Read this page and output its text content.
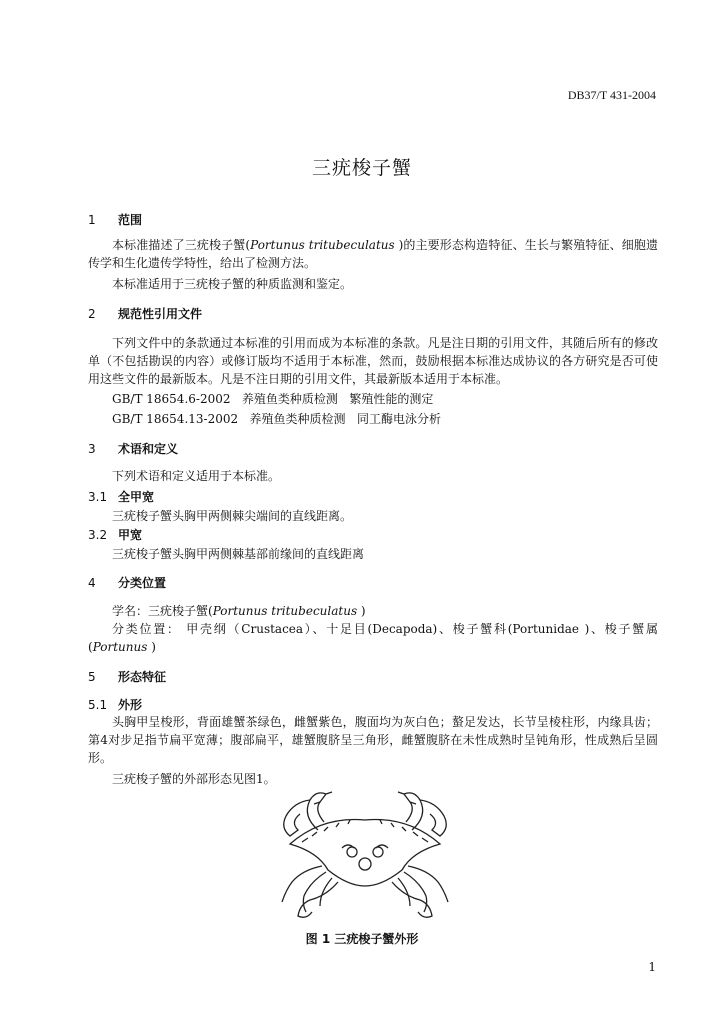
DB37/T 431-2004
三疣梭子蟹
1 范围
本标准描述了三疣梭子蟹(Portunus tritubeculatus )的主要形态构造特征、生长与繁殖特征、细胞遗传学和生化遗传学特性，给出了检测方法。
本标准适用于三疣梭子蟹的种质监测和鉴定。
2 规范性引用文件
下列文件中的条款通过本标准的引用而成为本标准的条款。凡是注日期的引用文件，其随后所有的修改单（不包括勘误的内容）或修订版均不适用于本标准，然而，鼓励根据本标准达成协议的各方研究是否可使用这些文件的最新版本。凡是不注日期的引用文件，其最新版本适用于本标准。
GB/T 18654.6-2002   养殖鱼类种质检测   繁殖性能的测定
GB/T 18654.13-2002   养殖鱼类种质检测   同工酶电泳分析
3 术语和定义
下列术语和定义适用于本标准。
3.1 全甲宽
三疣梭子蟹头胸甲两侧棘尖端间的直线距离。
3.2 甲宽
三疣梭子蟹头胸甲两侧棘基部前缘间的直线距离
4 分类位置
学名：三疣梭子蟹(Portunus tritubeculatus )
分类位置： 甲壳纲（Crustacea）、十足目(Decapoda)、梭子蟹科(Portunidae )、梭子蟹属(Portunus )
5 形态特征
5.1 外形
头胸甲呈梭形，背面雄蟹茶绿色，雌蟹紫色，腹面均为灰白色；螯足发达，长节呈棱柱形，内缘具齿；第4对步足指节扁平宽薄；腹部扁平，雄蟹腹脐呈三角形，雌蟹腹脐在未性成熟时呈钝角形，性成熟后呈圆形。
三疣梭子蟹的外部形态见图1。
图 1 三疣梭子蟹外形
1
